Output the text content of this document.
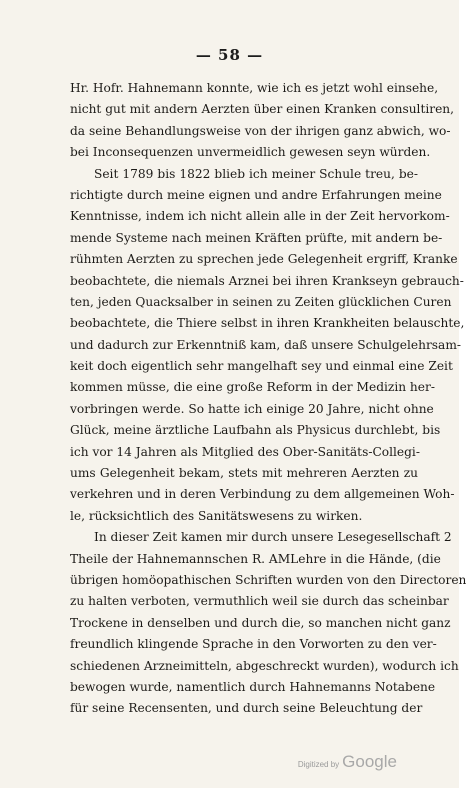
— 58 —
Hr. Hofr. Hahnemann konnte, wie ich es jetzt wohl einsehe,
nicht gut mit andern Aerzten über einen Kranken consultiren,
da seine Behandlungsweise von der ihrigen ganz abwich, wo-
bei Inconsequenzen unvermeidlich gewesen seyn würden.
Seit 1789 bis 1822 blieb ich meiner Schule treu, be-
richtigte durch meine eignen und andre Erfahrungen meine
Kenntnisse, indem ich nicht allein alle in der Zeit hervorkom-
mende Systeme nach meinen Kräften prüfte, mit andern be-
rühmten Aerzten zu sprechen jede Gelegenheit ergriff, Kranke
beobachtete, die niemals Arznei bei ihren Krankseyn gebrauch-
ten, jeden Quacksalber in seinen zu Zeiten glücklichen Curen
beobachtete, die Thiere selbst in ihren Krankheiten belauschte,
und dadurch zur Erkenntniß kam, daß unsere Schulgelehrsam-
keit doch eigentlich sehr mangelhaft sey und einmal eine Zeit
kommen müsse, die eine große Reform in der Medizin her-
vorbringen werde. So hatte ich einige 20 Jahre, nicht ohne
Glück, meine ärztliche Laufbahn als Physicus durchlebt, bis
ich vor 14 Jahren als Mitglied des Ober-Sanitäts-Collegi-
ums Gelegenheit bekam, stets mit mehreren Aerzten zu
verkehren und in deren Verbindung zu dem allgemeinen Woh-
le, rücksichtlich des Sanitätswesens zu wirken.
In dieser Zeit kamen mir durch unsere Lesegesellschaft 2
Theile der Hahnemannschen R. AMLehre in die Hände, (die
übrigen homöopathischen Schriften wurden von den Directoren
zu halten verboten, vermuthlich weil sie durch das scheinbar
Trockene in denselben und durch die, so manchen nicht ganz
freundlich klingende Sprache in den Vorworten zu den ver-
schiedenen Arzneimitteln, abgeschreckt wurden), wodurch ich
bewogen wurde, namentlich durch Hahnemanns Notabene
für seine Recensenten, und durch seine Beleuchtung der
Digitized by Google
